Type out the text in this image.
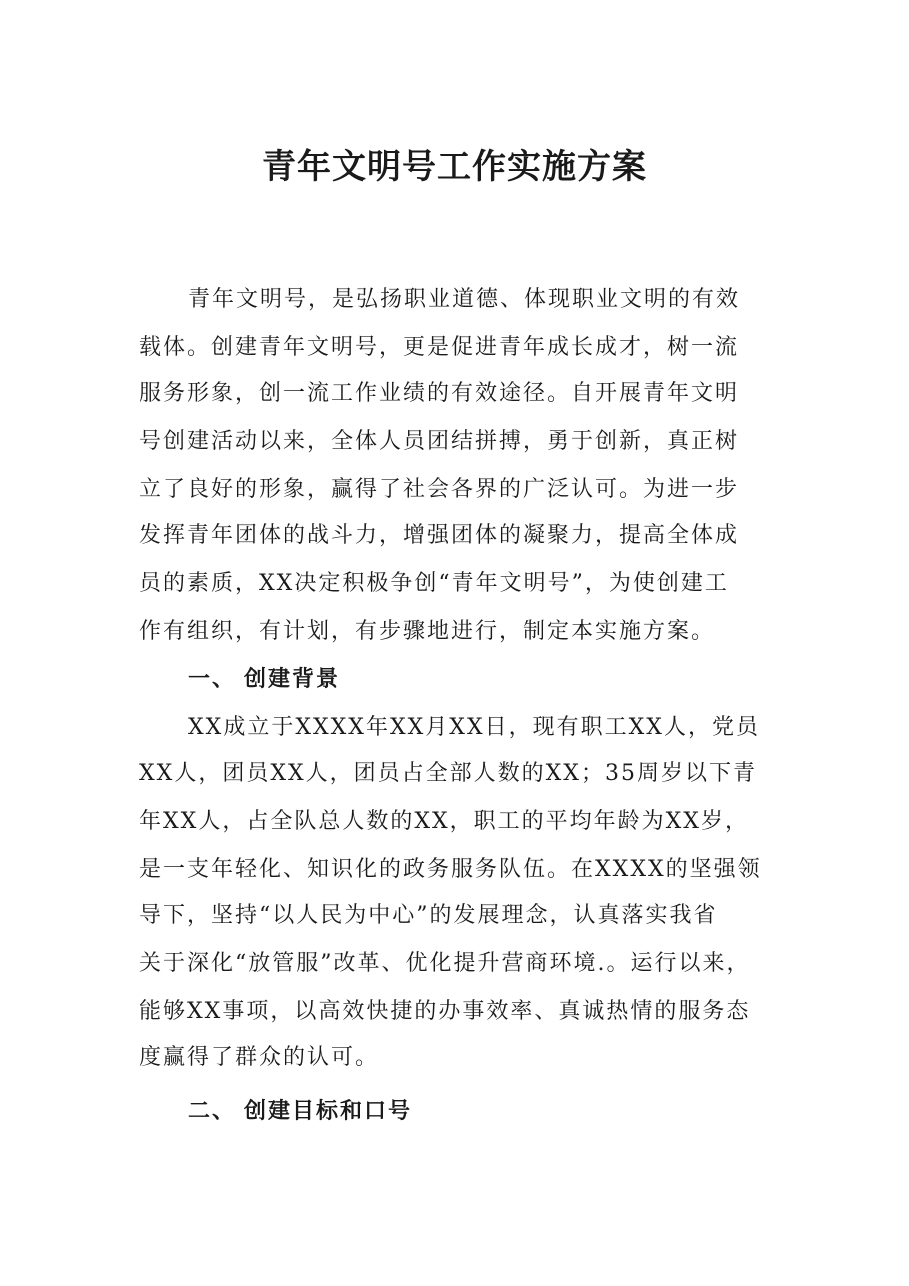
青年文明号工作实施方案
青年文明号，是弘扬职业道德、体现职业文明的有效
载体。创建青年文明号，更是促进青年成长成才，树一流
服务形象，创一流工作业绩的有效途径。自开展青年文明
号创建活动以来，全体人员团结拼搏，勇于创新，真正树
立了良好的形象，赢得了社会各界的广泛认可。为进一步
发挥青年团体的战斗力，增强团体的凝聚力，提高全体成
员的素质，XX决定积极争创“青年文明号”，为使创建工
作有组织，有计划，有步骤地进行，制定本实施方案。
一、 创建背景
XX成立于XXXX年XX月XX日，现有职工XX人，党员
XX人，团员XX人，团员占全部人数的XX；35周岁以下青
年XX人，占全队总人数的XX，职工的平均年龄为XX岁，
是一支年轻化、知识化的政务服务队伍。在XXXX的坚强领
导下，坚持“以人民为中心”的发展理念，认真落实我省
关于深化“放管服”改革、优化提升营商环境.。运行以来，
能够XX事项，以高效快捷的办事效率、真诚热情的服务态
度赢得了群众的认可。
二、 创建目标和口号
